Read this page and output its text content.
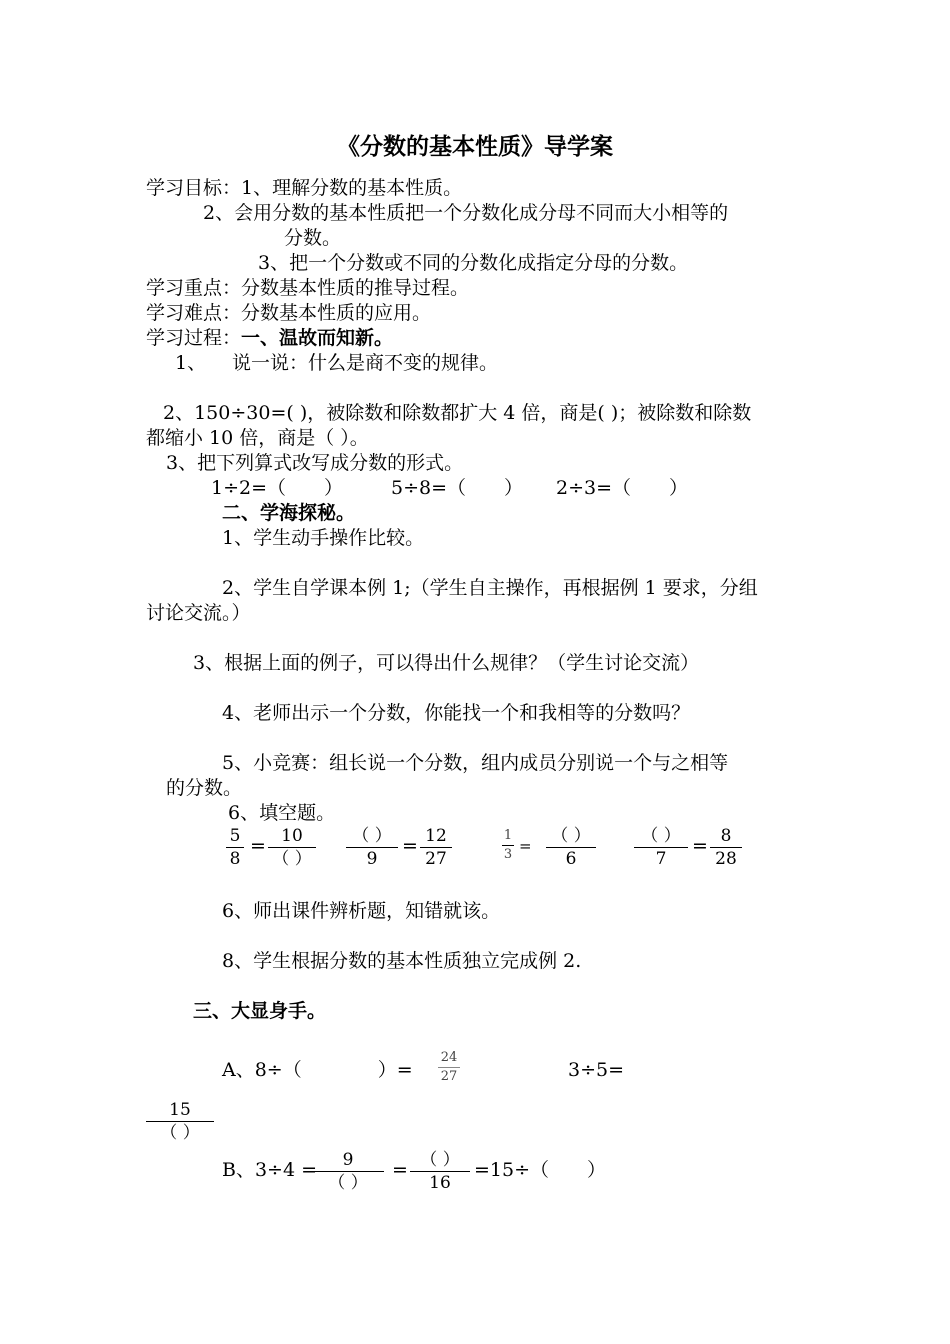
《分数的基本性质》导学案
学习目标：1、理解分数的基本性质。
2、会用分数的基本性质把一个分数化成分母不同而大小相等的
分数。
3、把一个分数或不同的分数化成指定分母的分数。
学习重点：分数基本性质的推导过程。
学习难点：分数基本性质的应用。
学习过程：一、温故而知新。
1、 说一说：什么是商不变的规律。
2、150÷30=( )，被除数和除数都扩大 4 倍，商是( )；被除数和除数
都缩小 10 倍，商是（ ）。
3、把下列算式改写成分数的形式。
1÷2=（　　）	5÷8=（　　） 2÷3=（　　）
二、学海探秘。
1、学生动手操作比较。
2、学生自学课本例 1;（学生自主操作，再根据例 1 要求，分组
讨论交流。）
3、根据上面的例子，可以得出什么规律？（学生讨论交流）
4、老师出示一个分数，你能找一个和我相等的分数吗？
5、小竞赛：组长说一个分数，组内成员分别说一个与之相等
的分数。
6、填空题。
5
8
= 10
（ ）
（ ）
9
= 12
27
1
3 =	（ ）
6
（ ）
7
= 8
28
6、师出课件辨析题，知错就该。
8、学生根据分数的基本性质独立完成例 2.
三、大显身手。
A、8÷（　　　　）=
24
27	3÷5=
15
（ ）
B、3÷4 =	9
（ ）
= （ ）
16
=15÷（　　）
